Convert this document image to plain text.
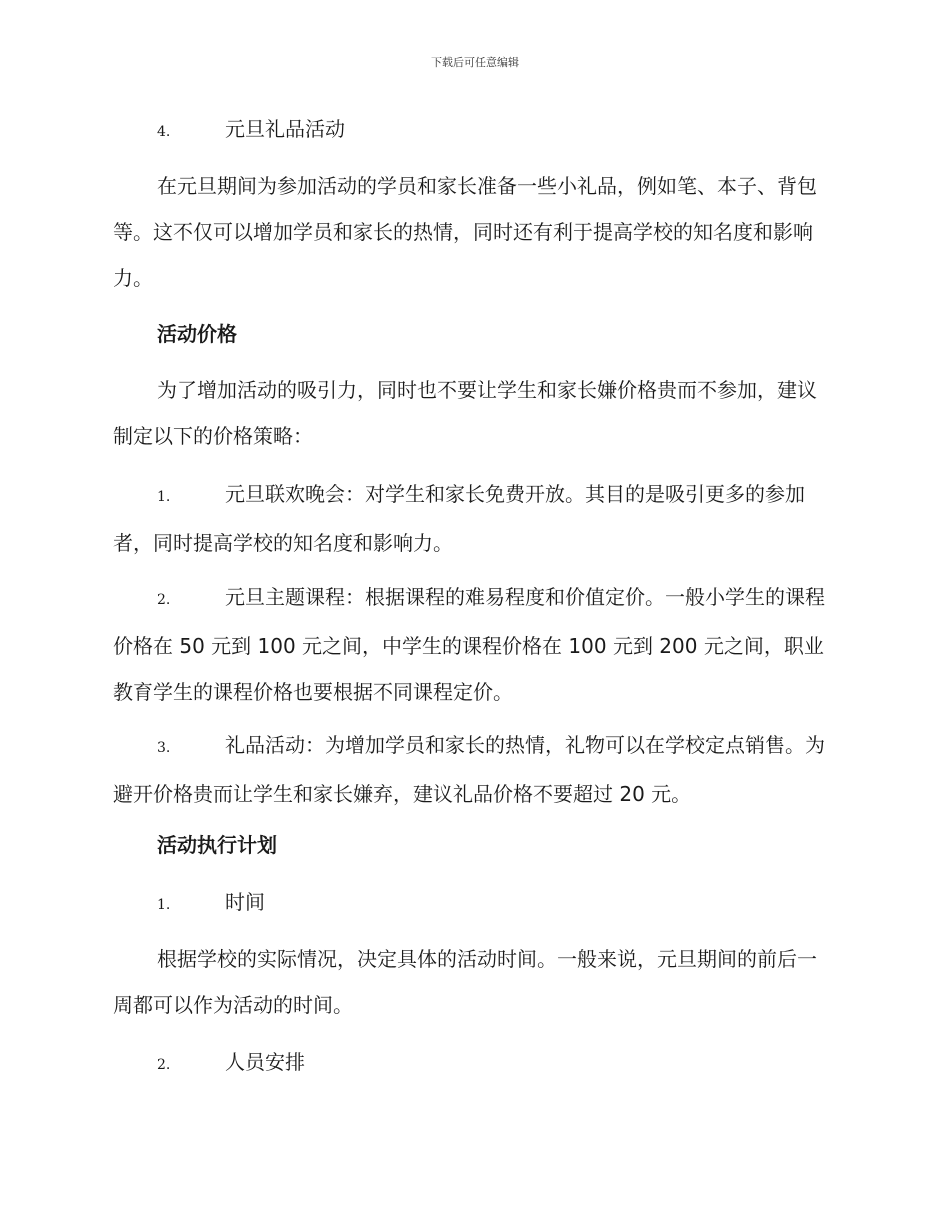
下载后可任意编辑
4.	元旦礼品活动

在元旦期间为参加活动的学员和家长准备一些小礼品，例如笔、本子、背包等。这不仅可以增加学员和家长的热情，同时还有利于提高学校的知名度和影响力。

活动价格

为了增加活动的吸引力，同时也不要让学生和家长嫌价格贵而不参加，建议制定以下的价格策略：

1.	元旦联欢晚会：对学生和家长免费开放。其目的是吸引更多的参加者，同时提高学校的知名度和影响力。

2.	元旦主题课程：根据课程的难易程度和价值定价。一般小学生的课程价格在 50 元到 100 元之间，中学生的课程价格在 100 元到 200 元之间，职业教育学生的课程价格也要根据不同课程定价。

3.	礼品活动：为增加学员和家长的热情，礼物可以在学校定点销售。为避开价格贵而让学生和家长嫌弃，建议礼品价格不要超过 20 元。

活动执行计划

1.	时间

根据学校的实际情况，决定具体的活动时间。一般来说，元旦期间的前后一周都可以作为活动的时间。

2.	人员安排
